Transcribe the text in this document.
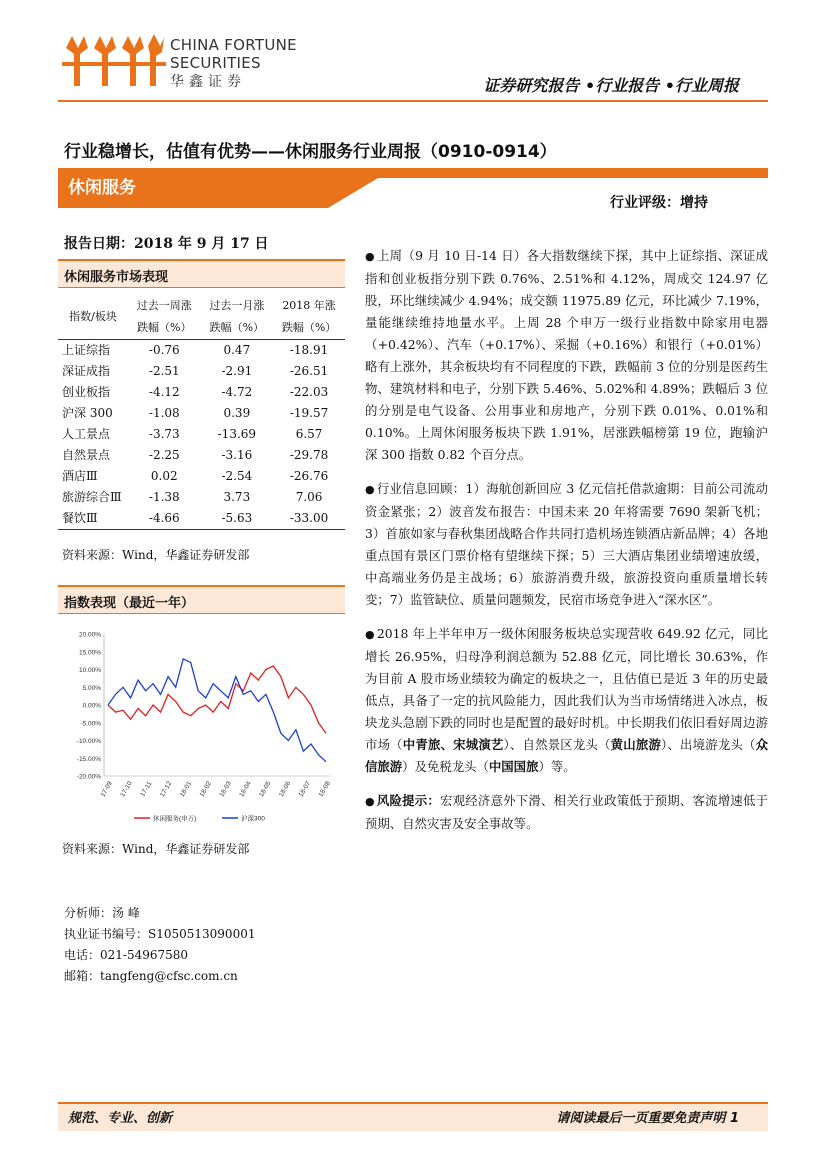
CHINA FORTUNE
SECURITIES
华鑫证券	证券研究报告 •行业报告 •行业周报
行业稳增长，估值有优势——休闲服务行业周报（0910-0914）
休闲服务
行业评级：增持
报告日期：2018 年 9 月 17 日
休闲服务市场表现
指数/板块	过去一周涨	过去一月涨	2018 年涨
	跌幅（%）	跌幅（%）	跌幅（%）
上证综指	-0.76	0.47	-18.91
深证成指	-2.51	-2.91	-26.51
创业板指	-4.12	-4.72	-22.03
沪深 300	-1.08	0.39	-19.57
人工景点	-3.73	-13.69	6.57
自然景点	-2.25	-3.16	-29.78
酒店Ⅲ	0.02	-2.54	-26.76
旅游综合Ⅲ	-1.38	3.73	7.06
餐饮Ⅲ	-4.66	-5.63	-33.00
资料来源：Wind，华鑫证券研发部
指数表现（最近一年）
20.00%
15.00%
10.00%
5.00%
0.00%
-5.00%
-10.00%
-15.00%
-20.00%
17-09 17-10 17-11 17-12 18-01 18-02 18-03 18-04 18-05 18-06 18-07 18-08
休闲服务(申万)	沪深300
资料来源：Wind，华鑫证券研发部
分析师：汤 峰
执业证书编号：S1050513090001
电话：021-54967580
邮箱：tangfeng@cfsc.com.cn

● 上周（9 月 10 日-14 日）各大指数继续下探，其中上证综指、深证成指和创业板指分别下跌 0.76%、2.51%和 4.12%，周成交 124.97 亿股，环比继续减少 4.94%；成交额 11975.89 亿元，环比减少 7.19%，量能继续维持地量水平。上周 28 个申万一级行业指数中除家用电器（+0.42%）、汽车（+0.17%）、采掘（+0.16%）和银行（+0.01%）略有上涨外，其余板块均有不同程度的下跌，跌幅前 3 位的分别是医药生物、建筑材料和电子，分别下跌 5.46%、5.02%和 4.89%；跌幅后 3 位的分别是电气设备、公用事业和房地产，分别下跌 0.01%、0.01%和 0.10%。上周休闲服务板块下跌 1.91%，居涨跌幅榜第 19 位，跑输沪深 300 指数 0.82 个百分点。

● 行业信息回顾：1）海航创新回应 3 亿元信托借款逾期：目前公司流动资金紧张；2）波音发布报告：中国未来 20 年将需要 7690 架新飞机；3）首旅如家与春秋集团战略合作共同打造机场连锁酒店新品牌；4）各地重点国有景区门票价格有望继续下探；5）三大酒店集团业绩增速放缓，中高端业务仍是主战场；6）旅游消费升级，旅游投资向重质量增长转变；7）监管缺位、质量问题频发，民宿市场竞争进入“深水区”。

● 2018 年上半年申万一级休闲服务板块总实现营收 649.92 亿元，同比增长 26.95%，归母净利润总额为 52.88 亿元，同比增长 30.63%，作为目前 A 股市场业绩较为确定的板块之一，且估值已是近 3 年的历史最低点，具备了一定的抗风险能力，因此我们认为当市场情绪进入冰点，板块龙头急剧下跌的同时也是配置的最好时机。中长期我们依旧看好周边游市场（中青旅、宋城演艺）、自然景区龙头（黄山旅游）、出境游龙头（众信旅游）及免税龙头（中国国旅）等。

● 风险提示：宏观经济意外下滑、相关行业政策低于预期、客流增速低于预期、自然灾害及安全事故等。

规范、专业、创新	请阅读最后一页重要免责声明 1
